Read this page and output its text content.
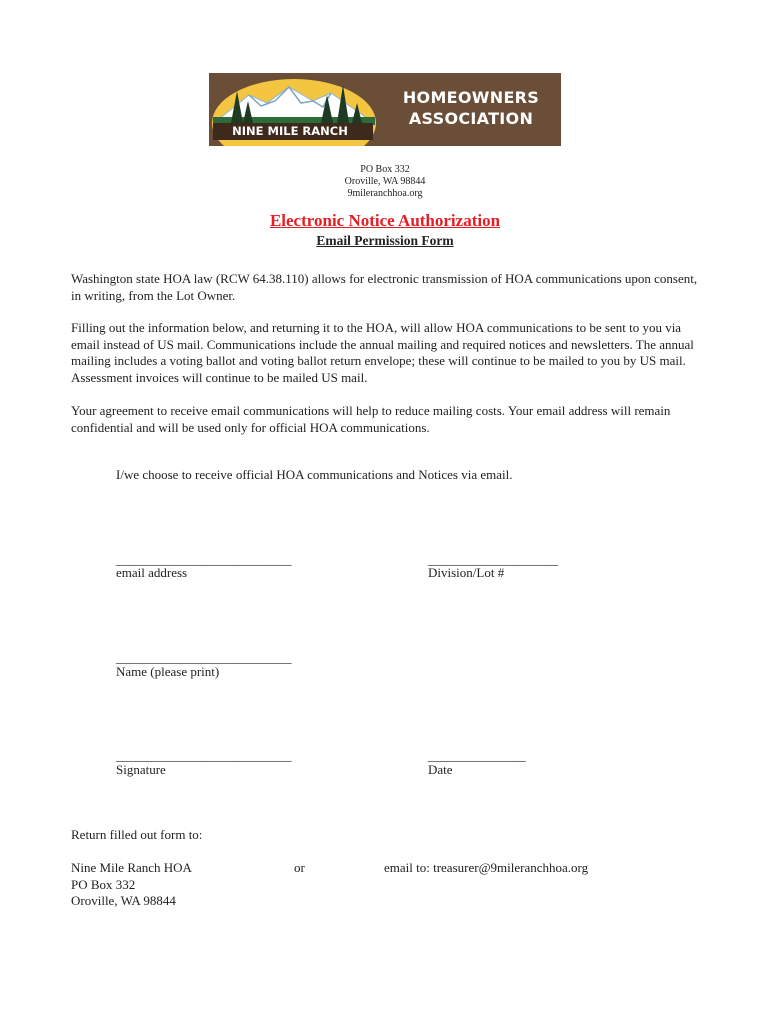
HOMEOWNERS
ASSOCIATION
NINE MILE RANCH
PO Box 332
Oroville, WA 98844
9mileranchhoa.org
Electronic Notice Authorization
Email Permission Form

Washington state HOA law (RCW 64.38.110) allows for electronic transmission of HOA communications upon consent, in writing, from the Lot Owner.

Filling out the information below, and returning it to the HOA, will allow HOA communications to be sent to you via email instead of US mail. Communications include the annual mailing and required notices and newsletters. The annual mailing includes a voting ballot and voting ballot return envelope; these will continue to be mailed to you by US mail. Assessment invoices will continue to be mailed US mail.

Your agreement to receive email communications will help to reduce mailing costs. Your email address will remain confidential and will be used only for official HOA communications.

I/we choose to receive official HOA communications and Notices via email.
___________________________
email address
____________________
Division/Lot #
___________________________
Name (please print)
___________________________
Signature
_______________
Date
Return filled out form to:
Nine Mile Ranch HOA
PO Box 332
Oroville, WA 98844
or	email to: treasurer@9mileranchhoa.org
